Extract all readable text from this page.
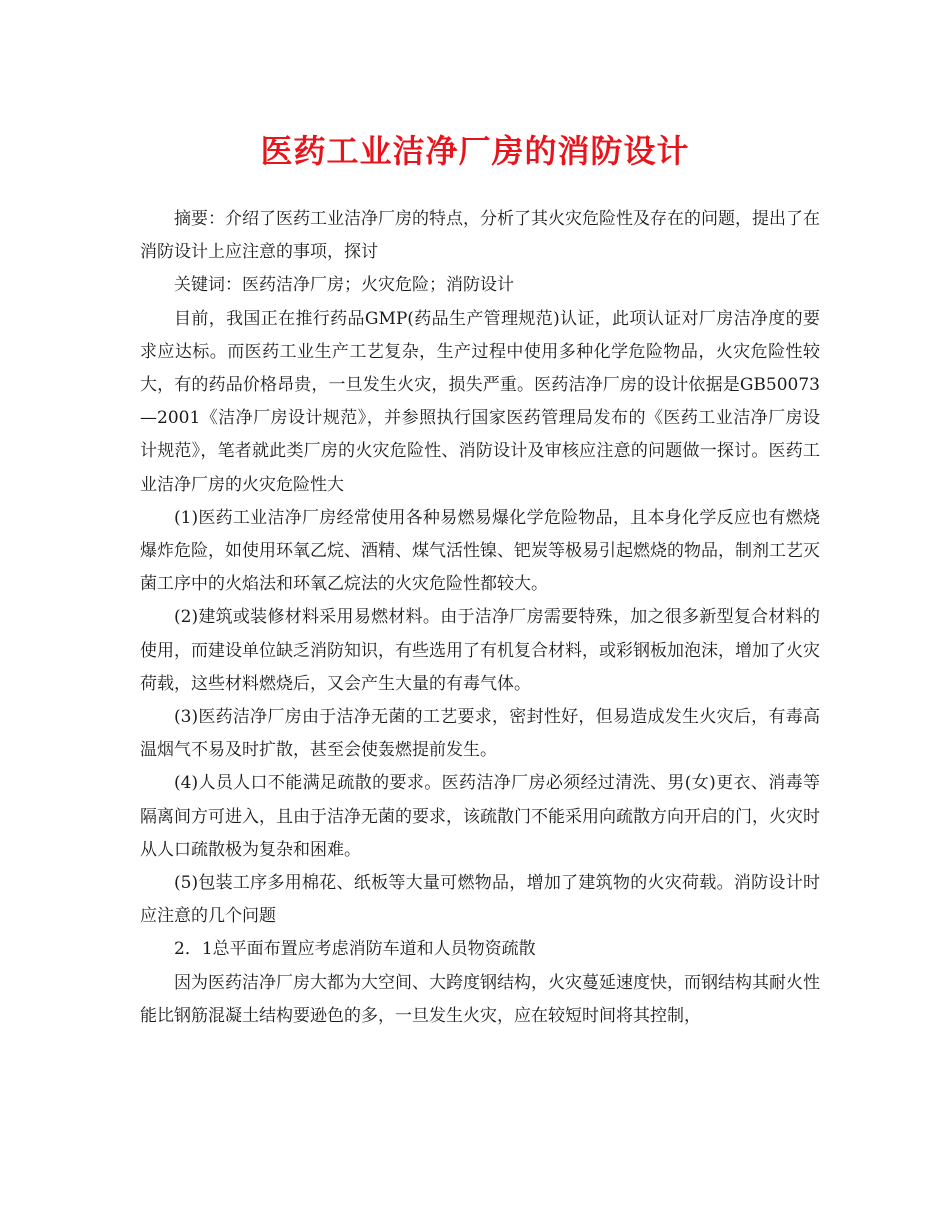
医药工业洁净厂房的消防设计

摘要：介绍了医药工业洁净厂房的特点，分析了其火灾危险性及存在的问题，提出了在消防设计上应注意的事项，探讨

关键词：医药洁净厂房；火灾危险；消防设计

目前，我国正在推行药品GMP(药品生产管理规范)认证，此项认证对厂房洁净度的要求应达标。而医药工业生产工艺复杂，生产过程中使用多种化学危险物品，火灾危险性较大，有的药品价格昂贵，一旦发生火灾，损失严重。医药洁净厂房的设计依据是GB50073—2001《洁净厂房设计规范》，并参照执行国家医药管理局发布的《医药工业洁净厂房设计规范》，笔者就此类厂房的火灾危险性、消防设计及审核应注意的问题做一探讨。医药工业洁净厂房的火灾危险性大

(1)医药工业洁净厂房经常使用各种易燃易爆化学危险物品，且本身化学反应也有燃烧爆炸危险，如使用环氧乙烷、酒精、煤气活性镍、钯炭等极易引起燃烧的物品，制剂工艺灭菌工序中的火焰法和环氧乙烷法的火灾危险性都较大。

(2)建筑或装修材料采用易燃材料。由于洁净厂房需要特殊，加之很多新型复合材料的使用，而建设单位缺乏消防知识，有些选用了有机复合材料，或彩钢板加泡沫，增加了火灾荷载，这些材料燃烧后，又会产生大量的有毒气体。

(3)医药洁净厂房由于洁净无菌的工艺要求，密封性好，但易造成发生火灾后，有毒高温烟气不易及时扩散，甚至会使轰燃提前发生。

(4)人员人口不能满足疏散的要求。医药洁净厂房必须经过清洗、男(女)更衣、消毒等隔离间方可进入，且由于洁净无菌的要求，该疏散门不能采用向疏散方向开启的门，火灾时从人口疏散极为复杂和困难。

(5)包装工序多用棉花、纸板等大量可燃物品，增加了建筑物的火灾荷载。消防设计时应注意的几个问题

2．1总平面布置应考虑消防车道和人员物资疏散

因为医药洁净厂房大都为大空间、大跨度钢结构，火灾蔓延速度快，而钢结构其耐火性能比钢筋混凝土结构要逊色的多，一旦发生火灾，应在较短时间将其控制，
